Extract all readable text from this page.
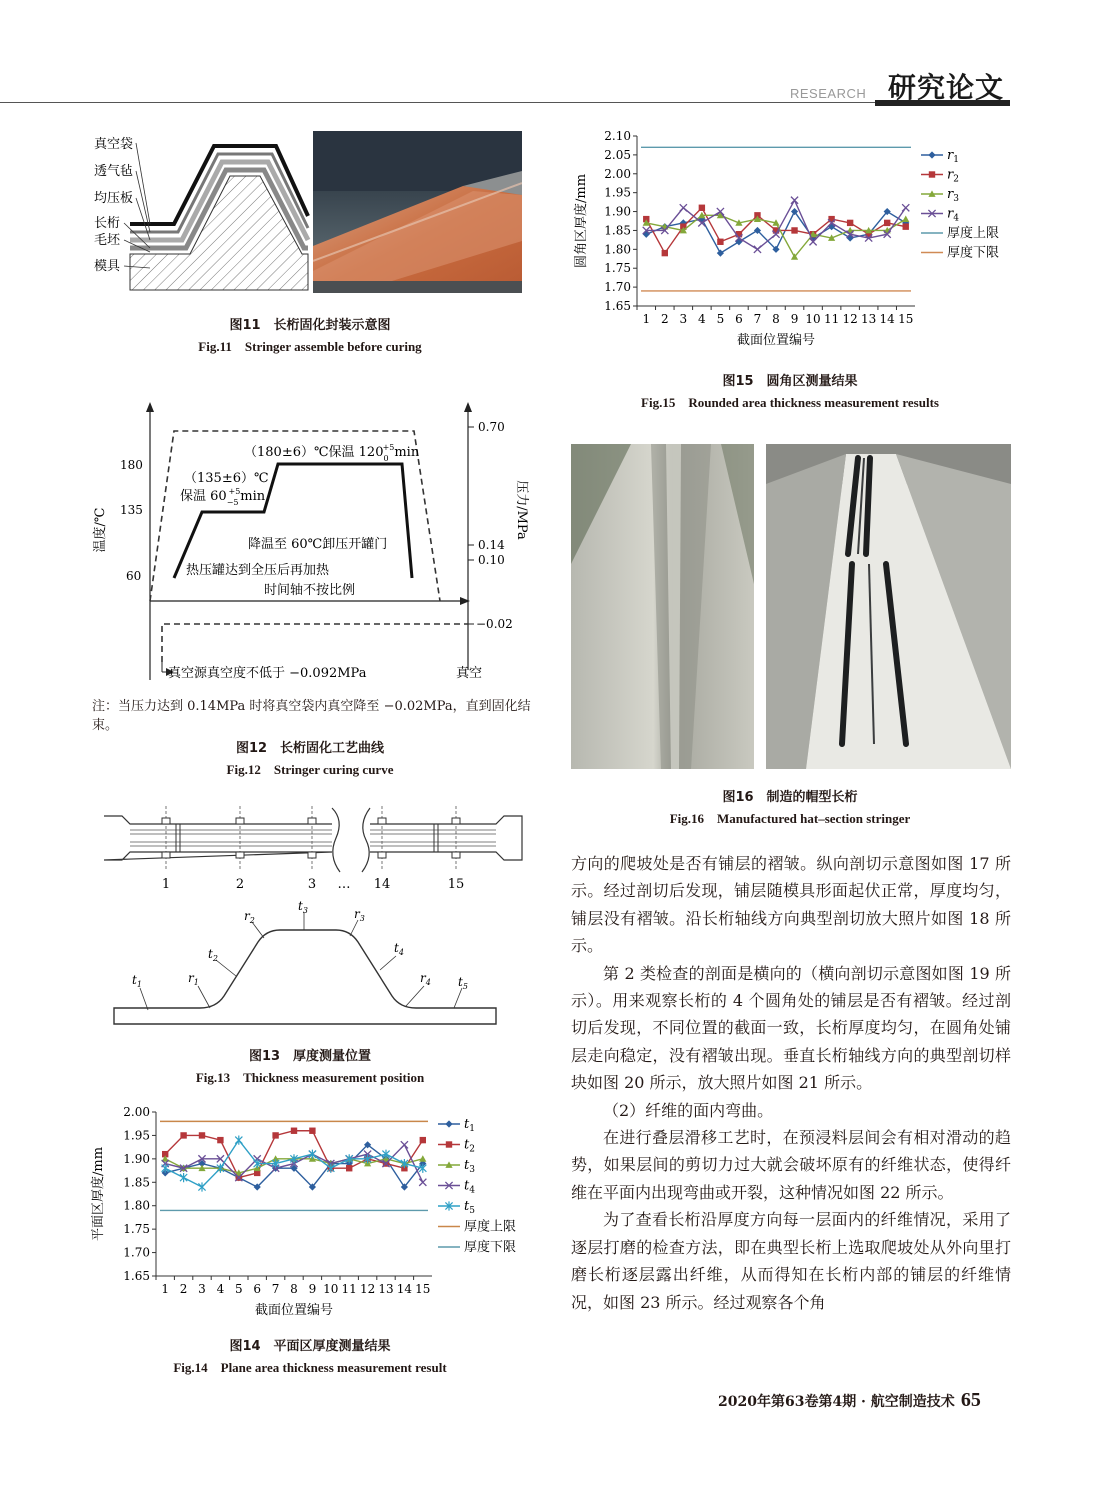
RESEARCH 研究论文
真空袋
透气毡
均压板
长桁
毛坯
模具
图11　长桁固化封装示意图
Fig.11　Stringer assemble before curing
180
135
60
0.70
0.14
0.10
−0.02
温度/℃	压力/MPa
（180±6）℃保温 $120_0+5\min$
（135±6）℃
保温 $60_{-5}+5\min$
降温至 60℃卸压开罐门
热压罐达到全压后再加热
时间轴不按比例
真空源真空度不低于 −0.092MPa	真空
注：当压力达到 0.14MPa 时将真空袋内真空降至 −0.02MPa，直到固化结束。
图12　长桁固化工艺曲线
Fig.12　Stringer curing curve
1	2	3 … 14	15
$t_1$	$r_1$
$t_2$
$r_2$
$t_3$	$r_3$
$t_4$
$r_4$ $t_5$
图13　厚度测量位置
Fig.13　Thickness measurement position
2.00
1.95
1.90
1.85
1.80
1.75
1.70
1.65
1 2 3 4 5 6 7 8 9 10 11 12 13 14 15
平面区厚度/mm
截面位置编号
$t_1$
$t_2$
$t_3$
$t_4$
$t_5$
厚度上限
厚度下限
图14　平面区厚度测量结果
Fig.14　Plane area thickness measurement result
2.10
2.05
2.00
1.95
1.90
1.85
1.80
1.75
1.70
1.65
1 2 3 4 5 6 7 8 9 10 11 12 13 14 15
圆角区厚度/mm
截面位置编号
$r_1$
$r_2$
$r_3$
$r_4$
厚度上限
厚度下限
图15　圆角区测量结果
Fig.15　Rounded area thickness measurement results
图16　制造的帽型长桁
Fig.16　Manufactured hat–section stringer

方向的爬坡处是否有铺层的褶皱。纵向剖切示意图如图 17 所示。经过剖切后发现，铺层随模具形面起伏正常，厚度均匀，铺层没有褶皱。沿长桁轴线方向典型剖切放大照片如图 18 所示。

第 2 类检查的剖面是横向的（横向剖切示意图如图 19 所示）。用来观察长桁的 4 个圆角处的铺层是否有褶皱。经过剖切后发现，不同位置的截面一致，长桁厚度均匀，在圆角处铺层走向稳定，没有褶皱出现。垂直长桁轴线方向的典型剖切样块如图 20 所示，放大照片如图 21 所示。

（2）纤维的面内弯曲。

在进行叠层滑移工艺时，在预浸料层间会有相对滑动的趋势，如果层间的剪切力过大就会破坏原有的纤维状态，使得纤维在平面内出现弯曲或开裂，这种情况如图 22 所示。

为了查看长桁沿厚度方向每一层面内的纤维情况，采用了逐层打磨的检查方法，即在典型长桁上选取爬坡处从外向里打磨长桁逐层露出纤维，从而得知在长桁内部的铺层的纤维情况，如图 23 所示。经过观察各个角

2020年第63卷第4期 · 航空制造技术 65
